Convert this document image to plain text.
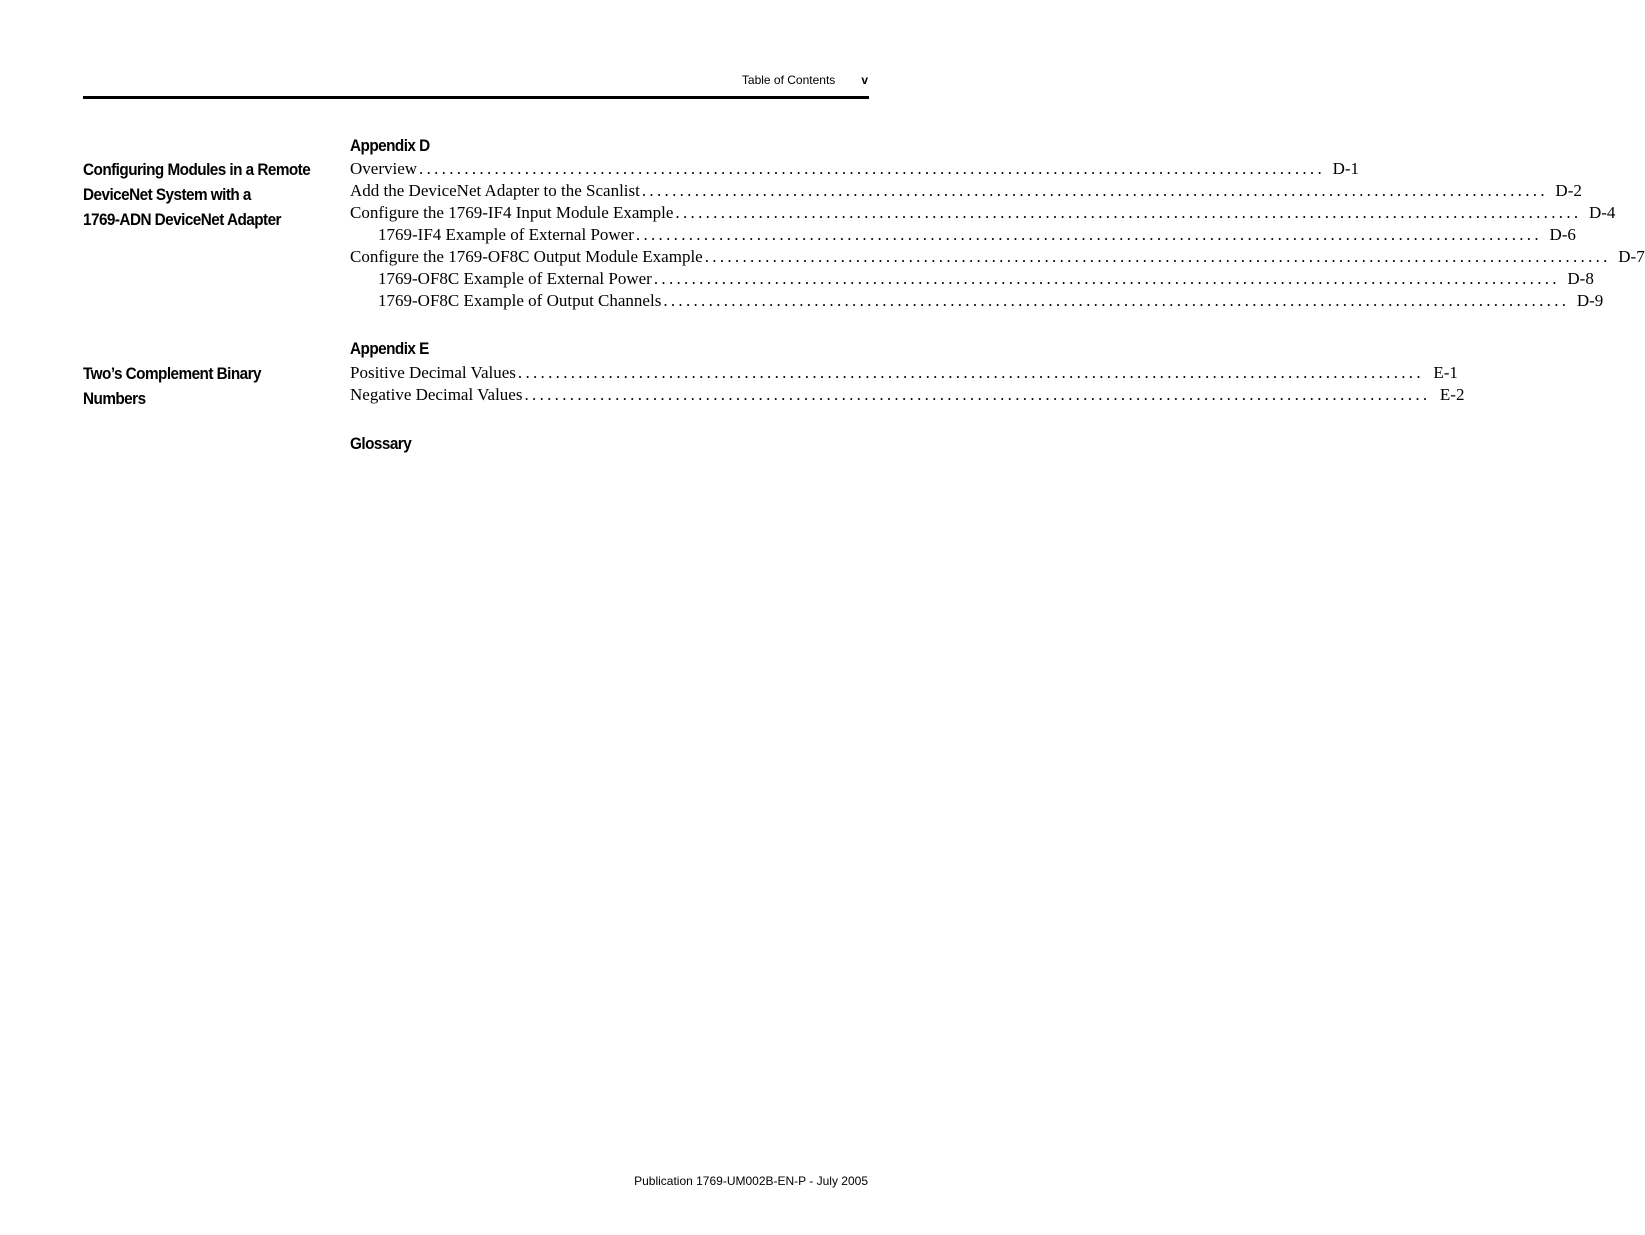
Table of Contents v
Configuring Modules in a Remote
DeviceNet System with a
1769-ADN DeviceNet Adapter
Appendix D
Overview ........................................................................................................................ D-1
Add the DeviceNet Adapter to the Scanlist ........................................................................................................................ D-2
Configure the 1769-IF4 Input Module Example ........................................................................................................................ D-4
1769-IF4 Example of External Power ........................................................................................................................ D-6
Configure the 1769-OF8C Output Module Example ........................................................................................................................ D-7
1769-OF8C Example of External Power ........................................................................................................................ D-8
1769-OF8C Example of Output Channels ........................................................................................................................ D-9
Two’s Complement Binary
Numbers
Appendix E
Positive Decimal Values ........................................................................................................................ E-1
Negative Decimal Values ........................................................................................................................ E-2
Glossary
Publication 1769-UM002B-EN-P - July 2005
